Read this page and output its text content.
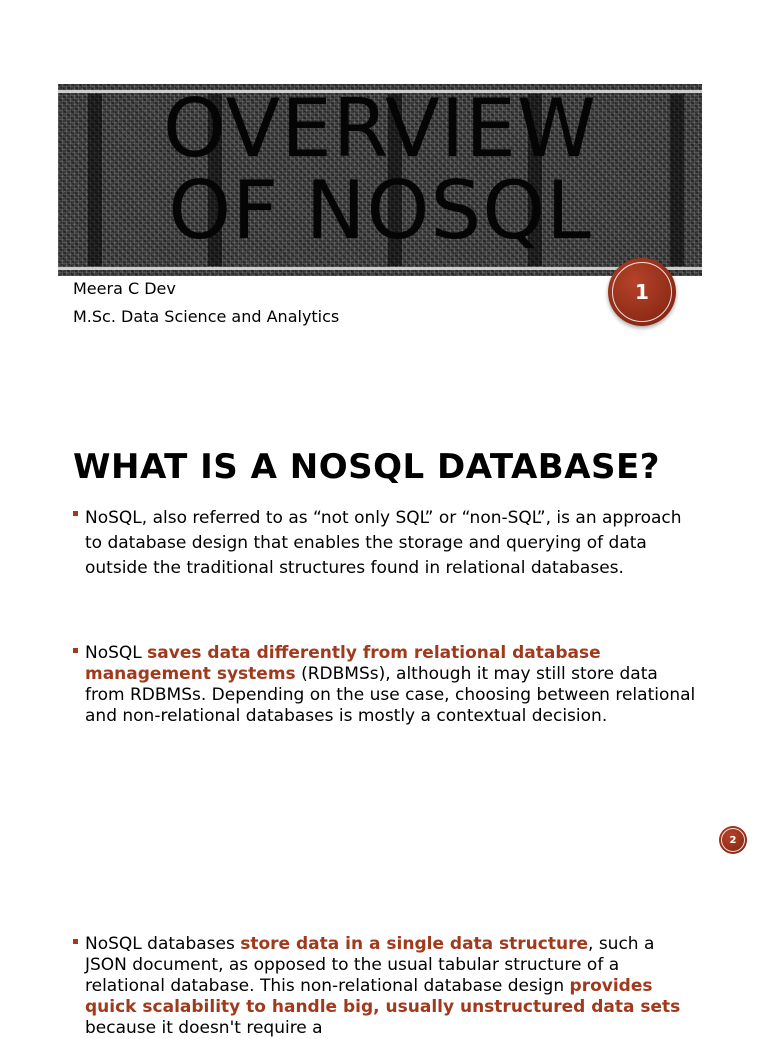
OVERVIEW
OF NOSQL

Meera C Dev

M.Sc. Data Science and Analytics

1
WHAT IS A NOSQL DATABASE?
NoSQL, also referred to as “not only SQL” or “non-SQL”, is an approach to database design that enables the storage and querying of data outside the traditional structures found in relational databases.
NoSQL saves data differently from relational database management systems (RDBMSs), although it may still store data from RDBMSs. Depending on the use case, choosing between relational and non-relational databases is mostly a contextual decision.
2
NoSQL databases store data in a single data structure, such a JSON document, as opposed to the usual tabular structure of a relational database. This non-relational database design provides quick scalability to handle big, usually unstructured data sets because it doesn't require a
